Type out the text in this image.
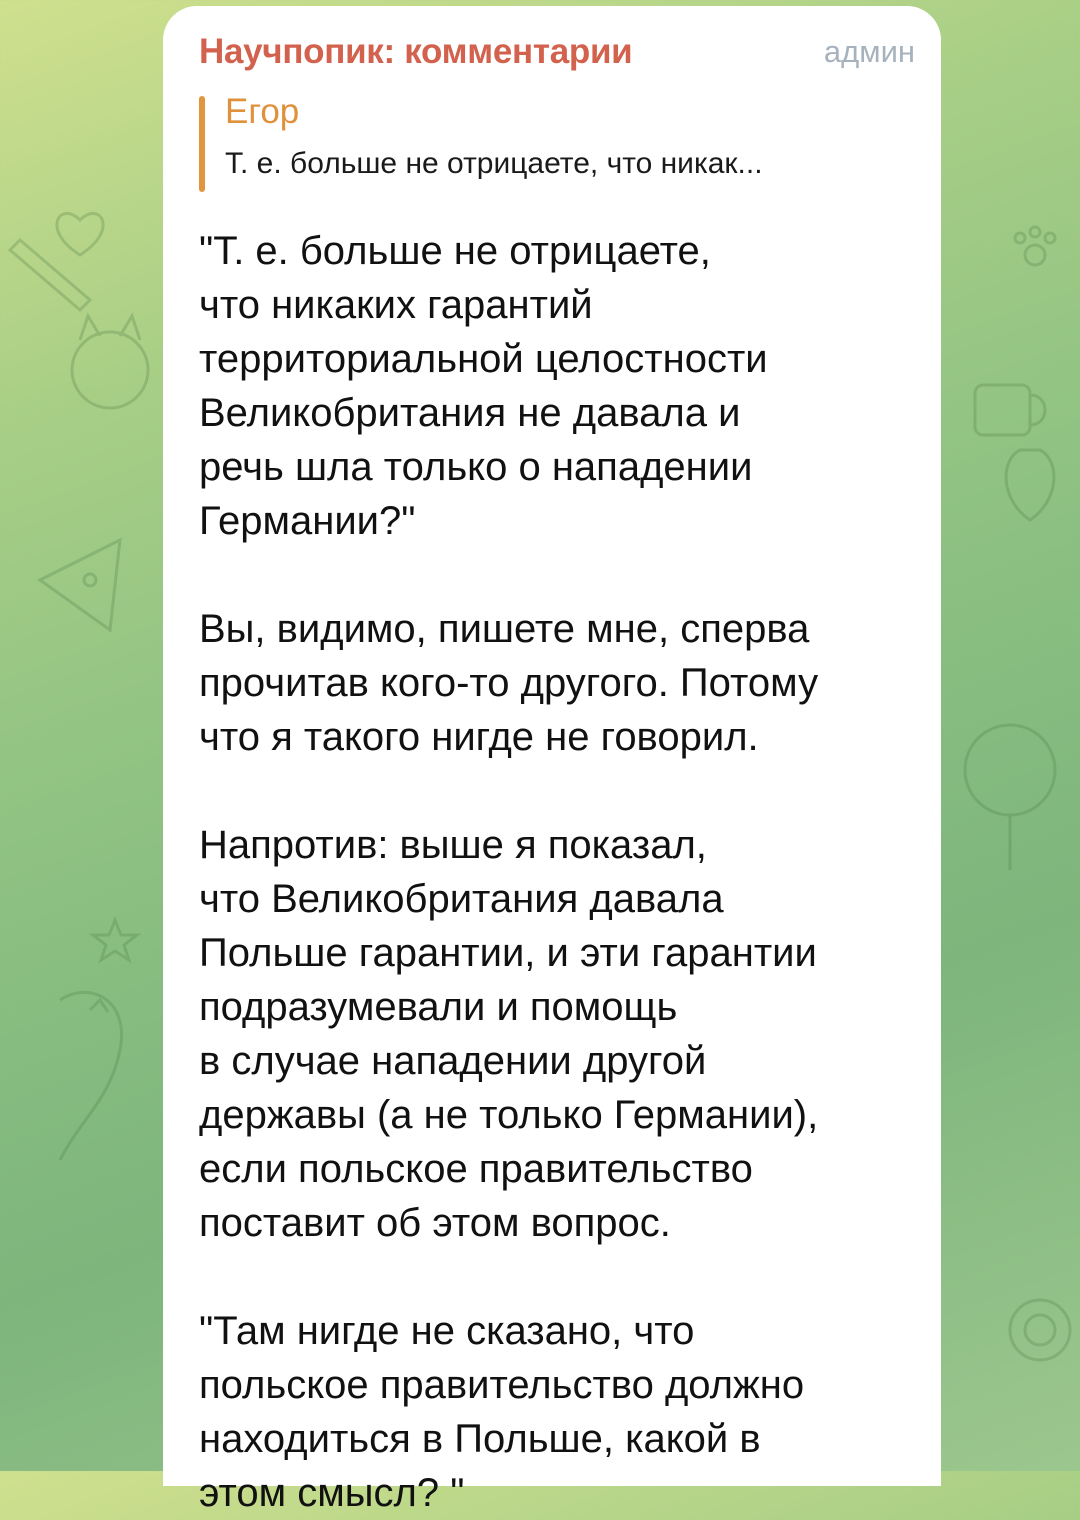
Научпопик: комментарии	админ
Егор
Т. е. больше не отрицаете, что никак...
"Т. е. больше не отрицаете,
что никаких гарантий
территориальной целостности
Великобритания не давала и
речь шла только о нападении
Германии?"
Вы, видимо, пишете мне, сперва
прочитав кого-то другого. Потому
что я такого нигде не говорил.
Напротив: выше я показал,
что Великобритания давала
Польше гарантии, и эти гарантии
подразумевали и помощь
в случае нападении другой
державы (а не только Германии),
если польское правительство
поставит об этом вопрос.
"Там нигде не сказано, что
польское правительство должно
находиться в Польше, какой в
этом смысл? "
